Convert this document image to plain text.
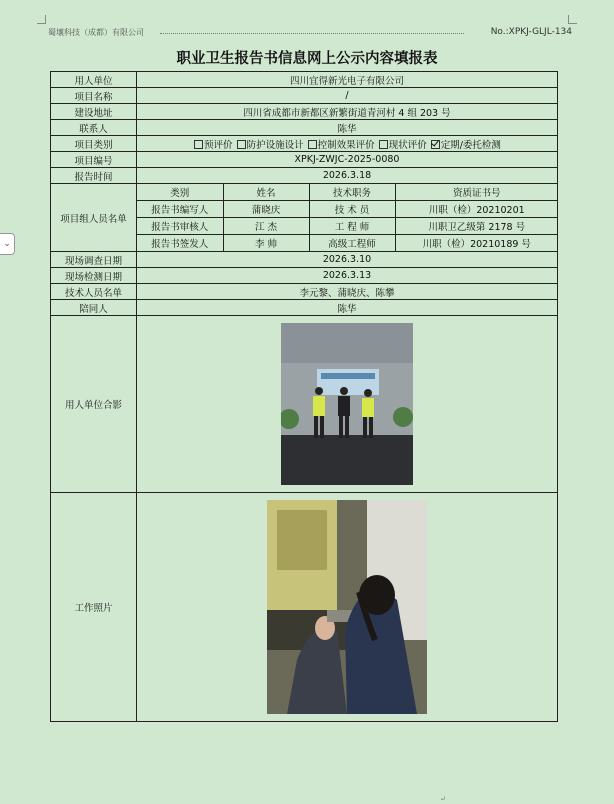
蜀壤科技（成都）有限公司	No.:XPKJ-GLJL-134
职业卫生报告书信息网上公示内容填报表
⌄
用人单位	四川宜得新光电子有限公司
项目名称	/
建设地址	四川省成都市新都区新繁街道青河村 4 组 203 号
联系人	陈华
项目类别	预评价 防护设施设计 控制效果评价 现状评价 定期/委托检测
项目编号	XPKJ-ZWJC-2025-0080
报告时间	2026.3.18
项目组人员名单	
类别	姓名	技术职务	资质证书号
报告书编写人	蒲晓庆	技 术 员	川职（检）20210201
报告书审核人	江 杰	工 程 师	川职卫乙级第 2178 号
报告书签发人	李 帅	高级工程师	川职（检）20210189 号

现场调查日期	2026.3.10
现场检测日期	2026.3.13
技术人员名单	李元黎、蒲晓庆、陈攀
陪同人	陈华
用人单位合影	

工作照片	
↵
